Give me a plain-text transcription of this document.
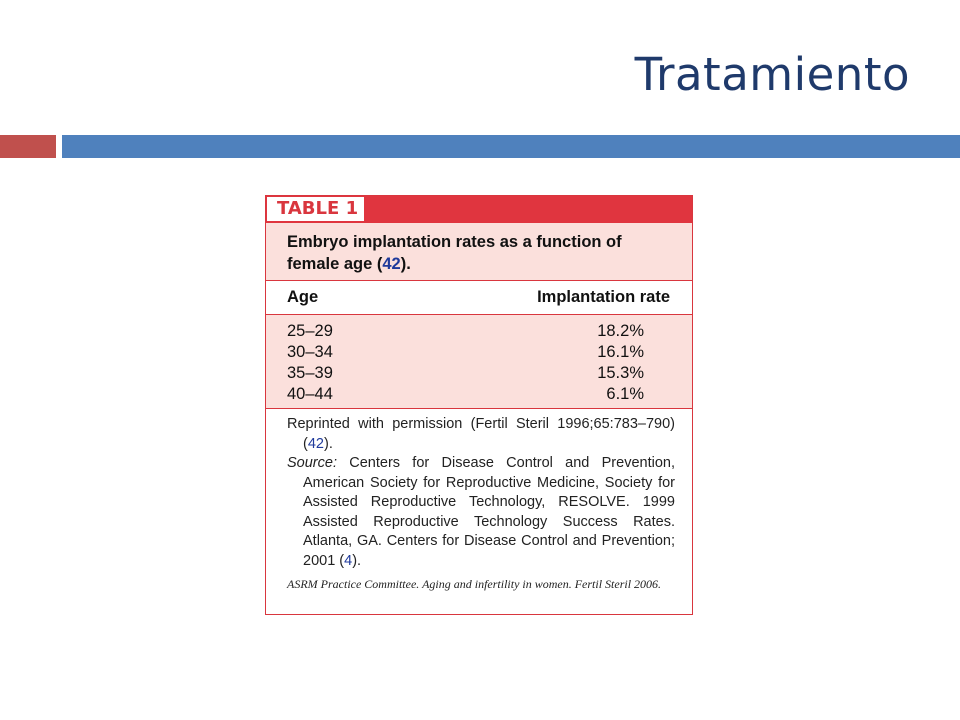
Tratamiento
TABLE 1
Embryo implantation rates as a function of female age (42).
Age	Implantation rate
25–29	18.2%
30–34	16.1%
35–39	15.3%
40–44	6.1%

Reprinted with permission (Fertil Steril 1996;65:783–790) (42).

Source: Centers for Disease Control and Prevention, American Society for Reproductive Medicine, Society for Assisted Reproductive Technology, RESOLVE. 1999 Assisted Reproductive Technology Success Rates. Atlanta, GA. Centers for Disease Control and Prevention; 2001 (4).

ASRM Practice Committee. Aging and infertility in women. Fertil Steril 2006.
